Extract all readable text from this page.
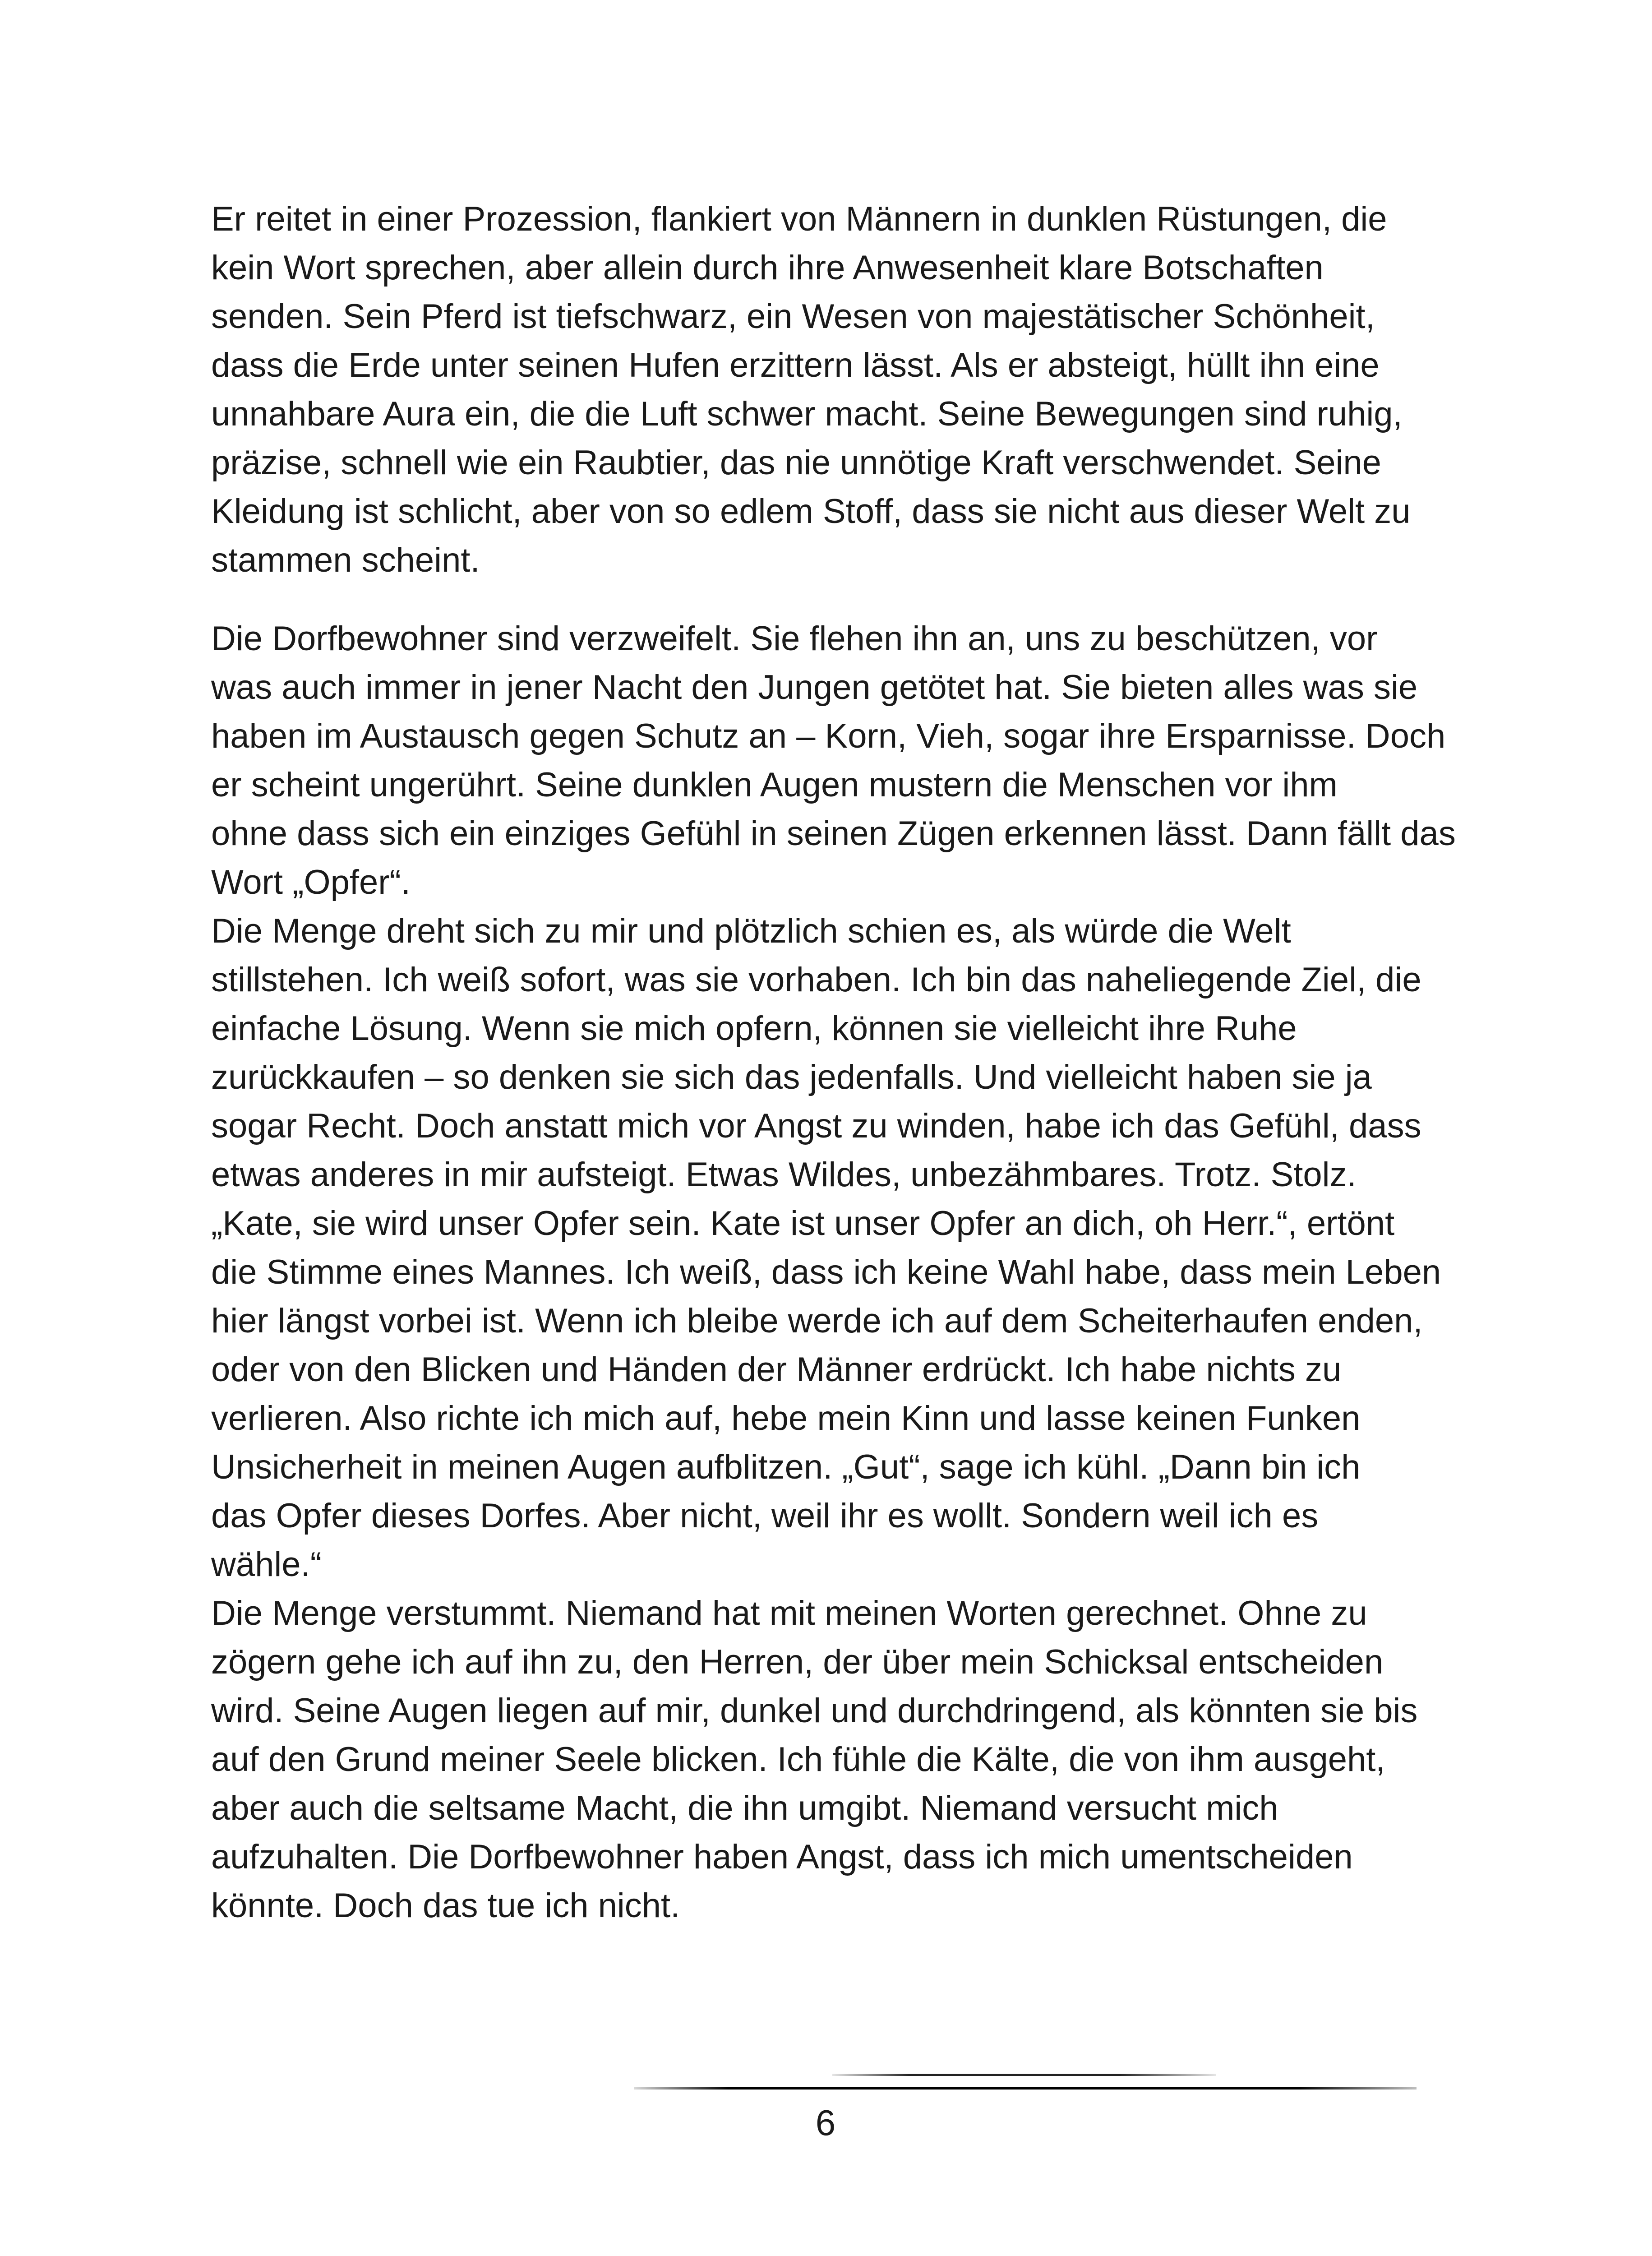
Er reitet in einer Prozession, flankiert von Männern in dunklen Rüstungen, die
kein Wort sprechen, aber allein durch ihre Anwesenheit klare Botschaften
senden. Sein Pferd ist tiefschwarz, ein Wesen von majestätischer Schönheit,
dass die Erde unter seinen Hufen erzittern lässt. Als er absteigt, hüllt ihn eine
unnahbare Aura ein, die die Luft schwer macht. Seine Bewegungen sind ruhig,
präzise, schnell wie ein Raubtier, das nie unnötige Kraft verschwendet. Seine
Kleidung ist schlicht, aber von so edlem Stoff, dass sie nicht aus dieser Welt zu
stammen scheint.
Die Dorfbewohner sind verzweifelt. Sie flehen ihn an, uns zu beschützen, vor
was auch immer in jener Nacht den Jungen getötet hat. Sie bieten alles was sie
haben im Austausch gegen Schutz an – Korn, Vieh, sogar ihre Ersparnisse. Doch
er scheint ungerührt. Seine dunklen Augen mustern die Menschen vor ihm
ohne dass sich ein einziges Gefühl in seinen Zügen erkennen lässt. Dann fällt das
Wort „Opfer“.
Die Menge dreht sich zu mir und plötzlich schien es, als würde die Welt
stillstehen. Ich weiß sofort, was sie vorhaben. Ich bin das naheliegende Ziel, die
einfache Lösung. Wenn sie mich opfern, können sie vielleicht ihre Ruhe
zurückkaufen – so denken sie sich das jedenfalls. Und vielleicht haben sie ja
sogar Recht. Doch anstatt mich vor Angst zu winden, habe ich das Gefühl, dass
etwas anderes in mir aufsteigt. Etwas Wildes, unbezähmbares. Trotz. Stolz.
„Kate, sie wird unser Opfer sein. Kate ist unser Opfer an dich, oh Herr.“, ertönt
die Stimme eines Mannes. Ich weiß, dass ich keine Wahl habe, dass mein Leben
hier längst vorbei ist. Wenn ich bleibe werde ich auf dem Scheiterhaufen enden,
oder von den Blicken und Händen der Männer erdrückt. Ich habe nichts zu
verlieren. Also richte ich mich auf, hebe mein Kinn und lasse keinen Funken
Unsicherheit in meinen Augen aufblitzen. „Gut“, sage ich kühl. „Dann bin ich
das Opfer dieses Dorfes. Aber nicht, weil ihr es wollt. Sondern weil ich es
wähle.“
Die Menge verstummt. Niemand hat mit meinen Worten gerechnet. Ohne zu
zögern gehe ich auf ihn zu, den Herren, der über mein Schicksal entscheiden
wird. Seine Augen liegen auf mir, dunkel und durchdringend, als könnten sie bis
auf den Grund meiner Seele blicken. Ich fühle die Kälte, die von ihm ausgeht,
aber auch die seltsame Macht, die ihn umgibt. Niemand versucht mich
aufzuhalten. Die Dorfbewohner haben Angst, dass ich mich umentscheiden
könnte. Doch das tue ich nicht.
6
